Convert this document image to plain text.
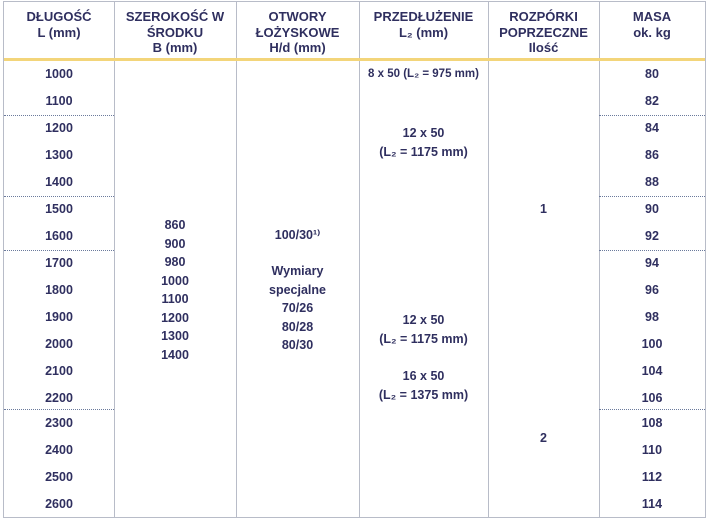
DŁUGOŚĆ
L (mm)
SZEROKOŚĆ W
ŚRODKU
B (mm)
OTWORY
ŁOŻYSKOWE
H/d (mm)
PRZEDŁUŻENIE
L₂ (mm)
ROZPÓRKI
POPRZECZNE
Ilość
MASA
ok. kg
1000
1100
1200
1300
1400
1500
1600
1700
1800
1900
2000
2100
2200
2300
2400
2500
2600
80
82
84
86
88
90
92
94
96
98
100
104
106
108
110
112
114
860
900
980
1000
1100
1200
1300
1400
100/30¹⁾
Wymiary
specjalne
70/26
80/28
80/30
8 x 50 (L₂ = 975 mm)
12 x 50
(L₂ = 1175 mm)
12 x 50
(L₂ = 1175 mm)
16 x 50
(L₂ = 1375 mm)
1
2
